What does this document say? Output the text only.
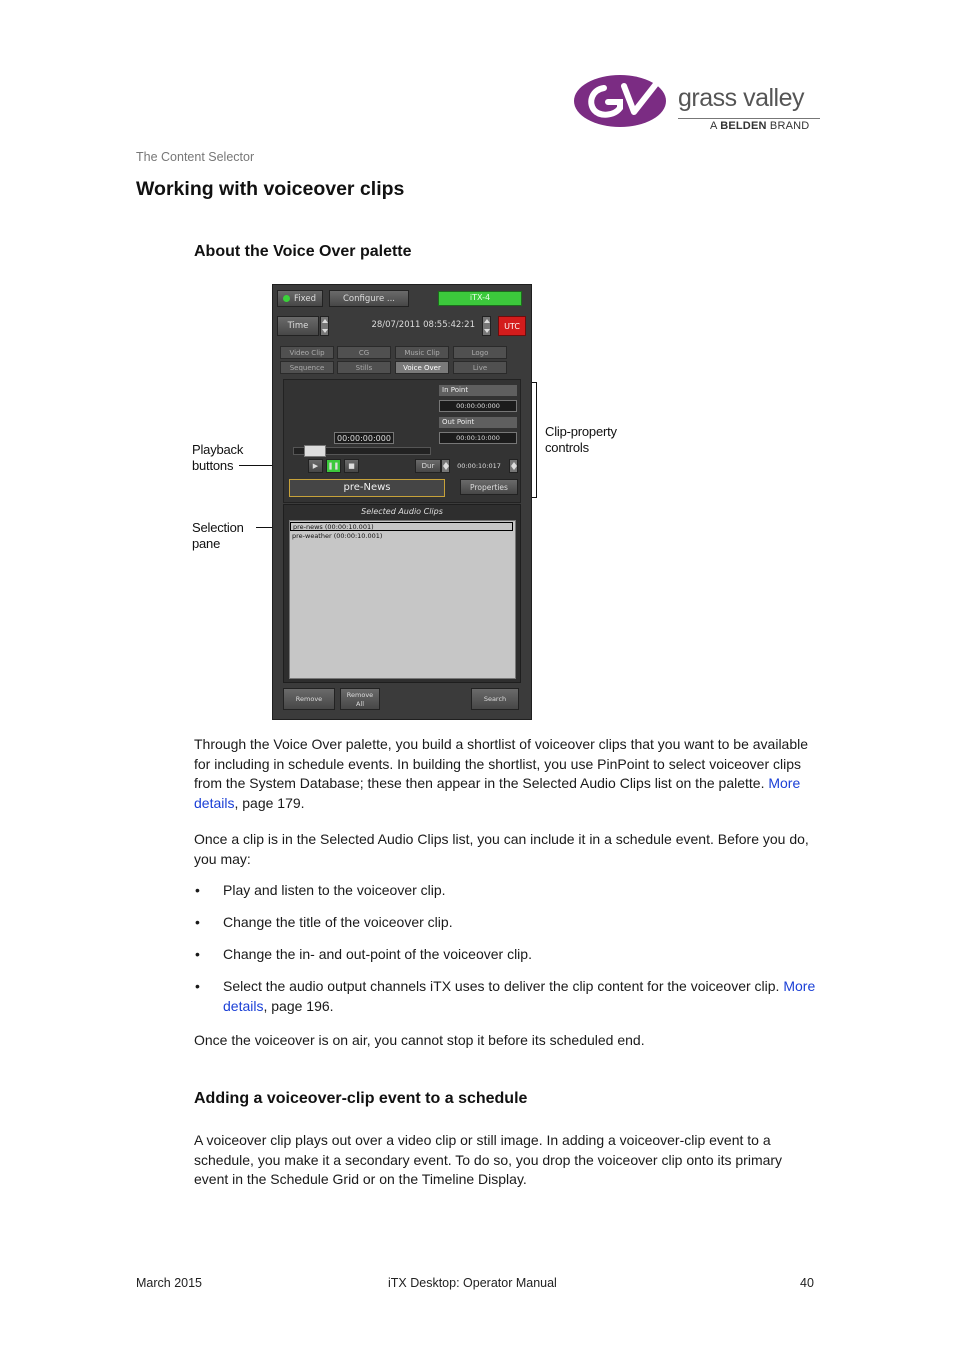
grass valley
A BELDEN BRAND
The Content Selector
Working with voiceover clips
About the Voice Over palette
Playback
buttons
Selection
pane
Clip-property
controls
Fixed	Configure ...	iTX-4
Time	28/07/2011 08:55:42:21	UTC
Video Clip	CG	Music Clip	Logo
Sequence	Stills	Voice Over	Live
In Point
00:00:00:000
Out Point
00:00:10:000
00:00:00:000
▶	❚❚	■	Dur	00:00:10:017
pre-News	Properties
Selected Audio Clips
pre-news (00:00:10.001)
pre-weather (00:00:10.001)
Remove	Remove
All
Search

Through the Voice Over palette, you build a shortlist of voiceover clips that you want to be available for including in schedule events. In building the shortlist, you use PinPoint to select voiceover clips from the System Database; these then appear in the Selected Audio Clips list on the palette. More details, page 179.

Once a clip is in the Selected Audio Clips list, you can include it in a schedule event. Before you do, you may:

• Play and listen to the voiceover clip.
• Change the title of the voiceover clip.
• Change the in- and out-point of the voiceover clip.
• Select the audio output channels iTX uses to deliver the clip content for the voiceover clip. More details, page 196.

Once the voiceover is on air, you cannot stop it before its scheduled end.

Adding a voiceover-clip event to a schedule

A voiceover clip plays out over a video clip or still image. In adding a voiceover-clip event to a schedule, you make it a secondary event. To do so, you drop the voiceover clip onto its primary event in the Schedule Grid or on the Timeline Display.

March 2015	iTX Desktop: Operator Manual	40
